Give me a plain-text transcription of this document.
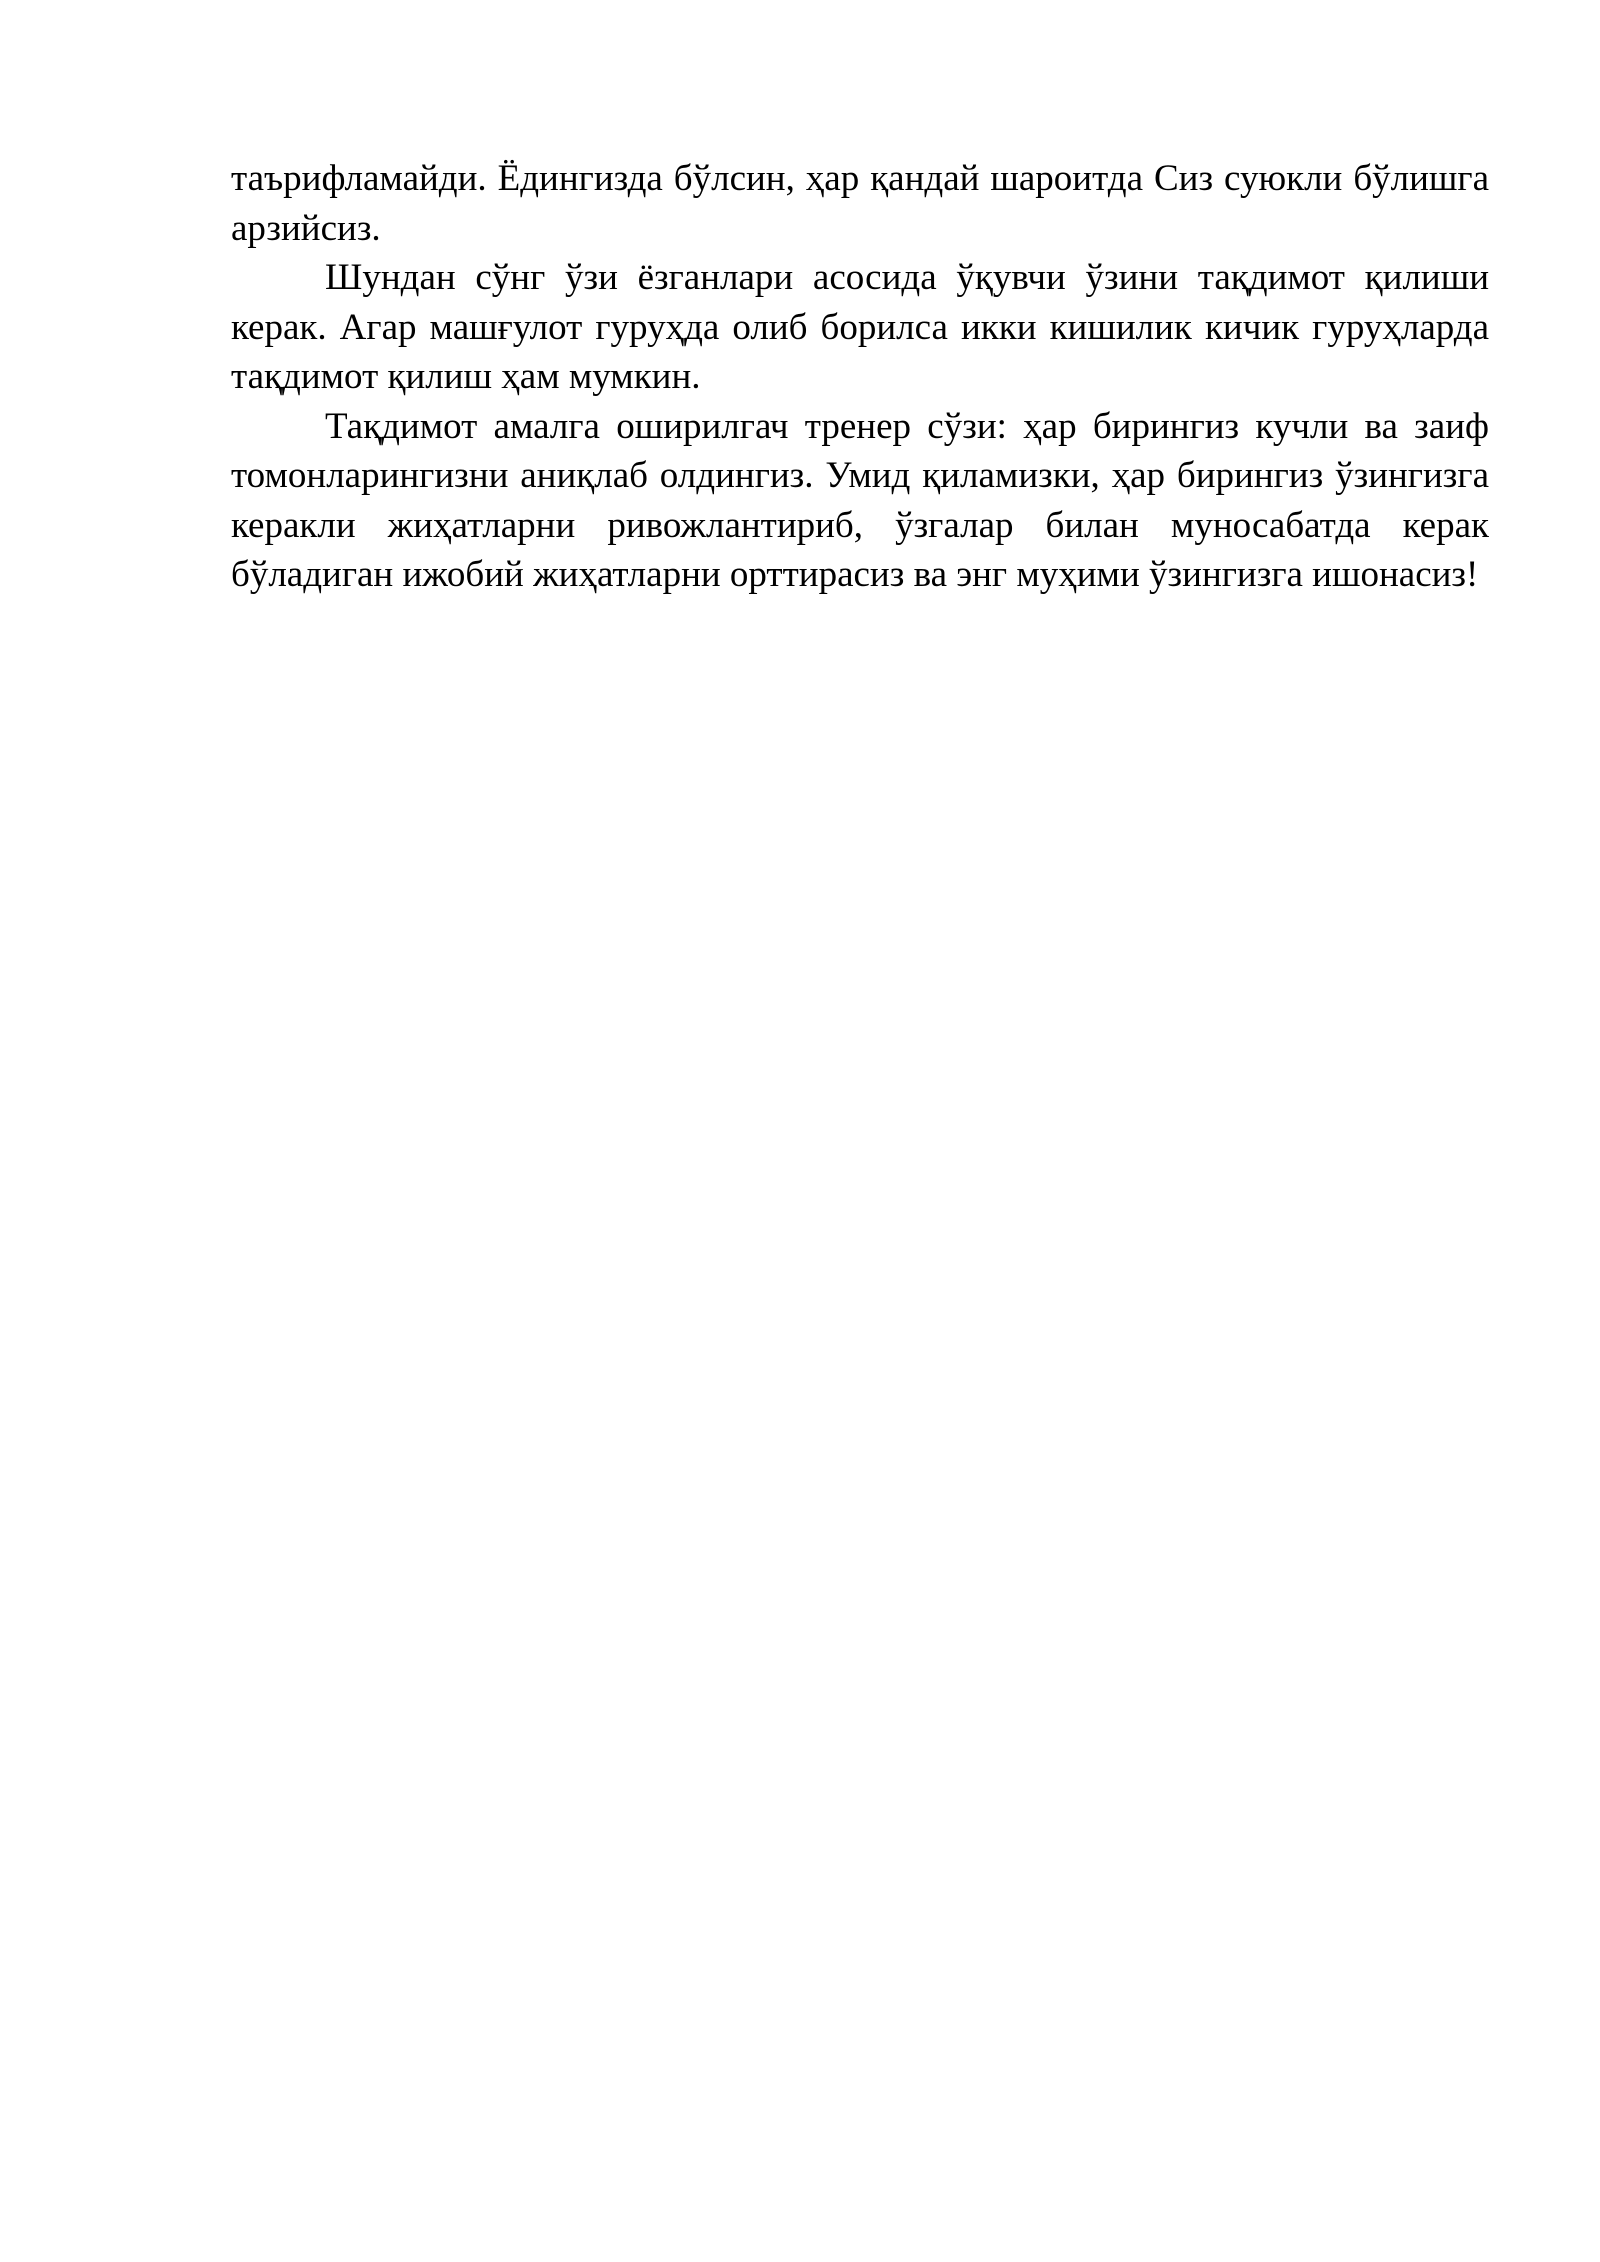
таърифламайди. Ёдингизда бўлсин, ҳар қандай шароитда Сиз суюкли бўлишга арзийсиз.

Шундан сўнг ўзи ёзганлари асосида ўқувчи ўзини тақдимот қилиши керак. Агар машғулот гуруҳда олиб борилса икки кишилик кичик гуруҳларда тақдимот қилиш ҳам мумкин.

Тақдимот амалга оширилгач тренер сўзи: ҳар бирингиз кучли ва заиф томонларингизни аниқлаб олдингиз. Умид қиламизки, ҳар бирингиз ўзингизга керакли жиҳатларни ривожлантириб, ўзгалар билан муносабатда керак бўладиган ижобий жиҳатларни орттирасиз ва энг муҳими ўзингизга ишонасиз!
